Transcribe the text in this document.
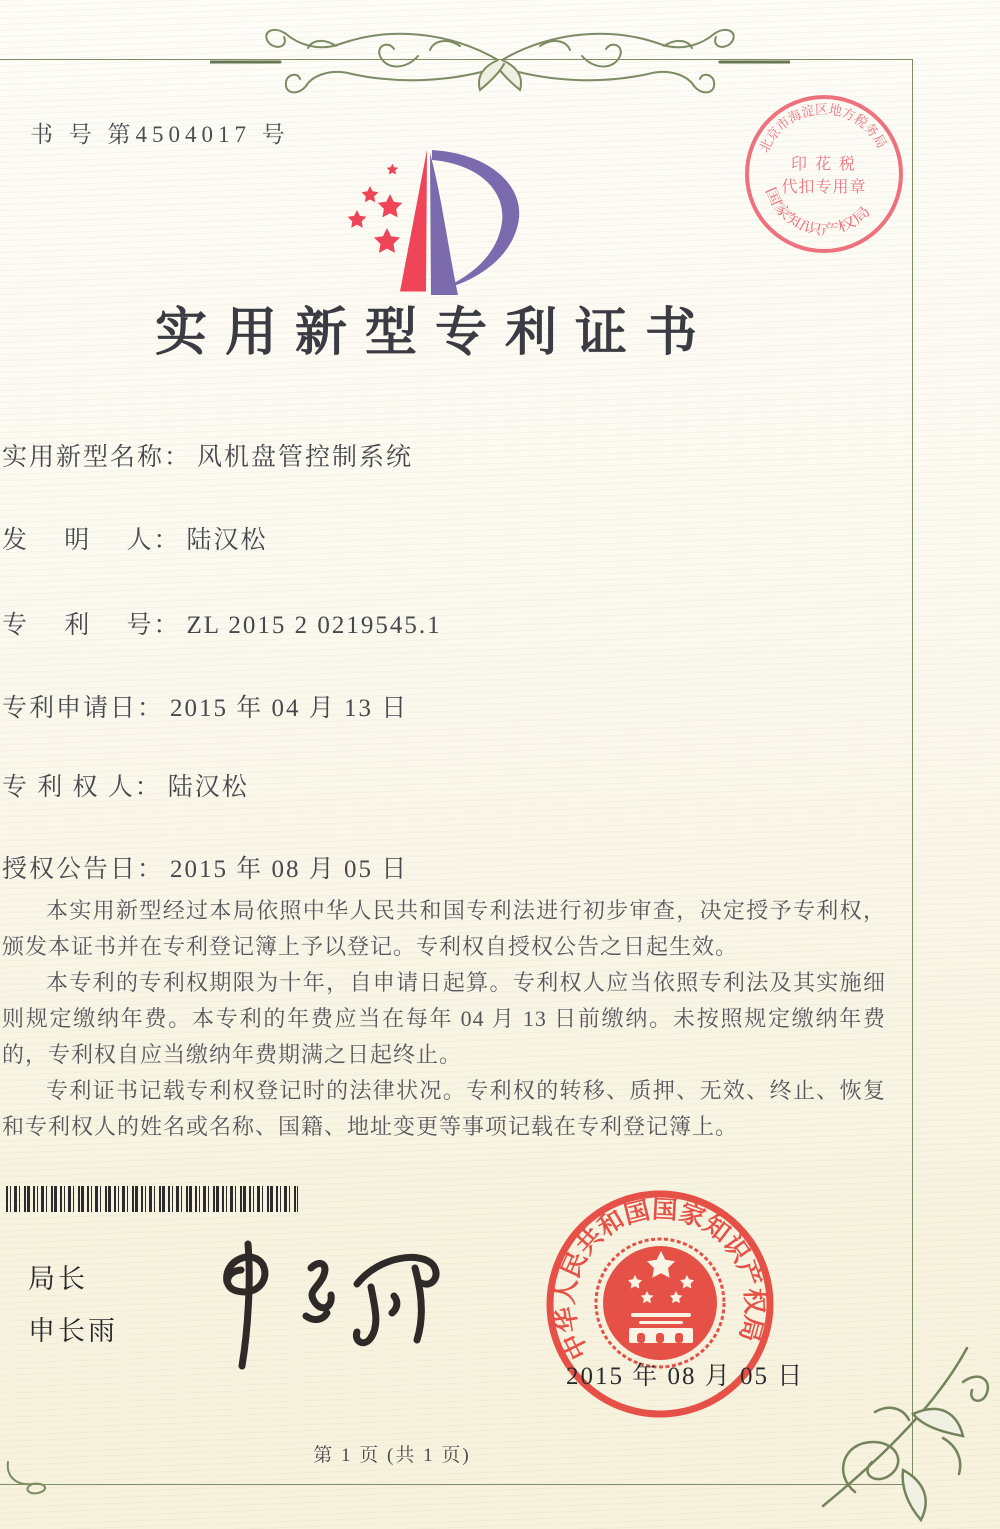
书 号 第4504017 号	北京市海淀区地方税务局
国家知识产权局
印 花 税
代扣专用章
实用新型专利证书
实用新型名称： 风机盘管控制系统
发　 明 　人： 陆汉松
专　 利 　号： ZL 2015 2 0219545.1
专利申请日： 2015 年 04 月 13 日
专 利 权 人： 陆汉松
授权公告日： 2015 年 08 月 05 日

本实用新型经过本局依照中华人民共和国专利法进行初步审查，决定授予专利权，颁发本证书并在专利登记簿上予以登记。专利权自授权公告之日起生效。

本专利的专利权期限为十年，自申请日起算。专利权人应当依照专利法及其实施细则规定缴纳年费。本专利的年费应当在每年 04 月 13 日前缴纳。未按照规定缴纳年费的，专利权自应当缴纳年费期满之日起终止。

专利证书记载专利权登记时的法律状况。专利权的转移、质押、无效、终止、恢复和专利权人的姓名或名称、国籍、地址变更等事项记载在专利登记簿上。

局长
申长雨	中华人民共和国国家知识产权局
2015 年 08 月 05 日
第 1 页 (共 1 页)
